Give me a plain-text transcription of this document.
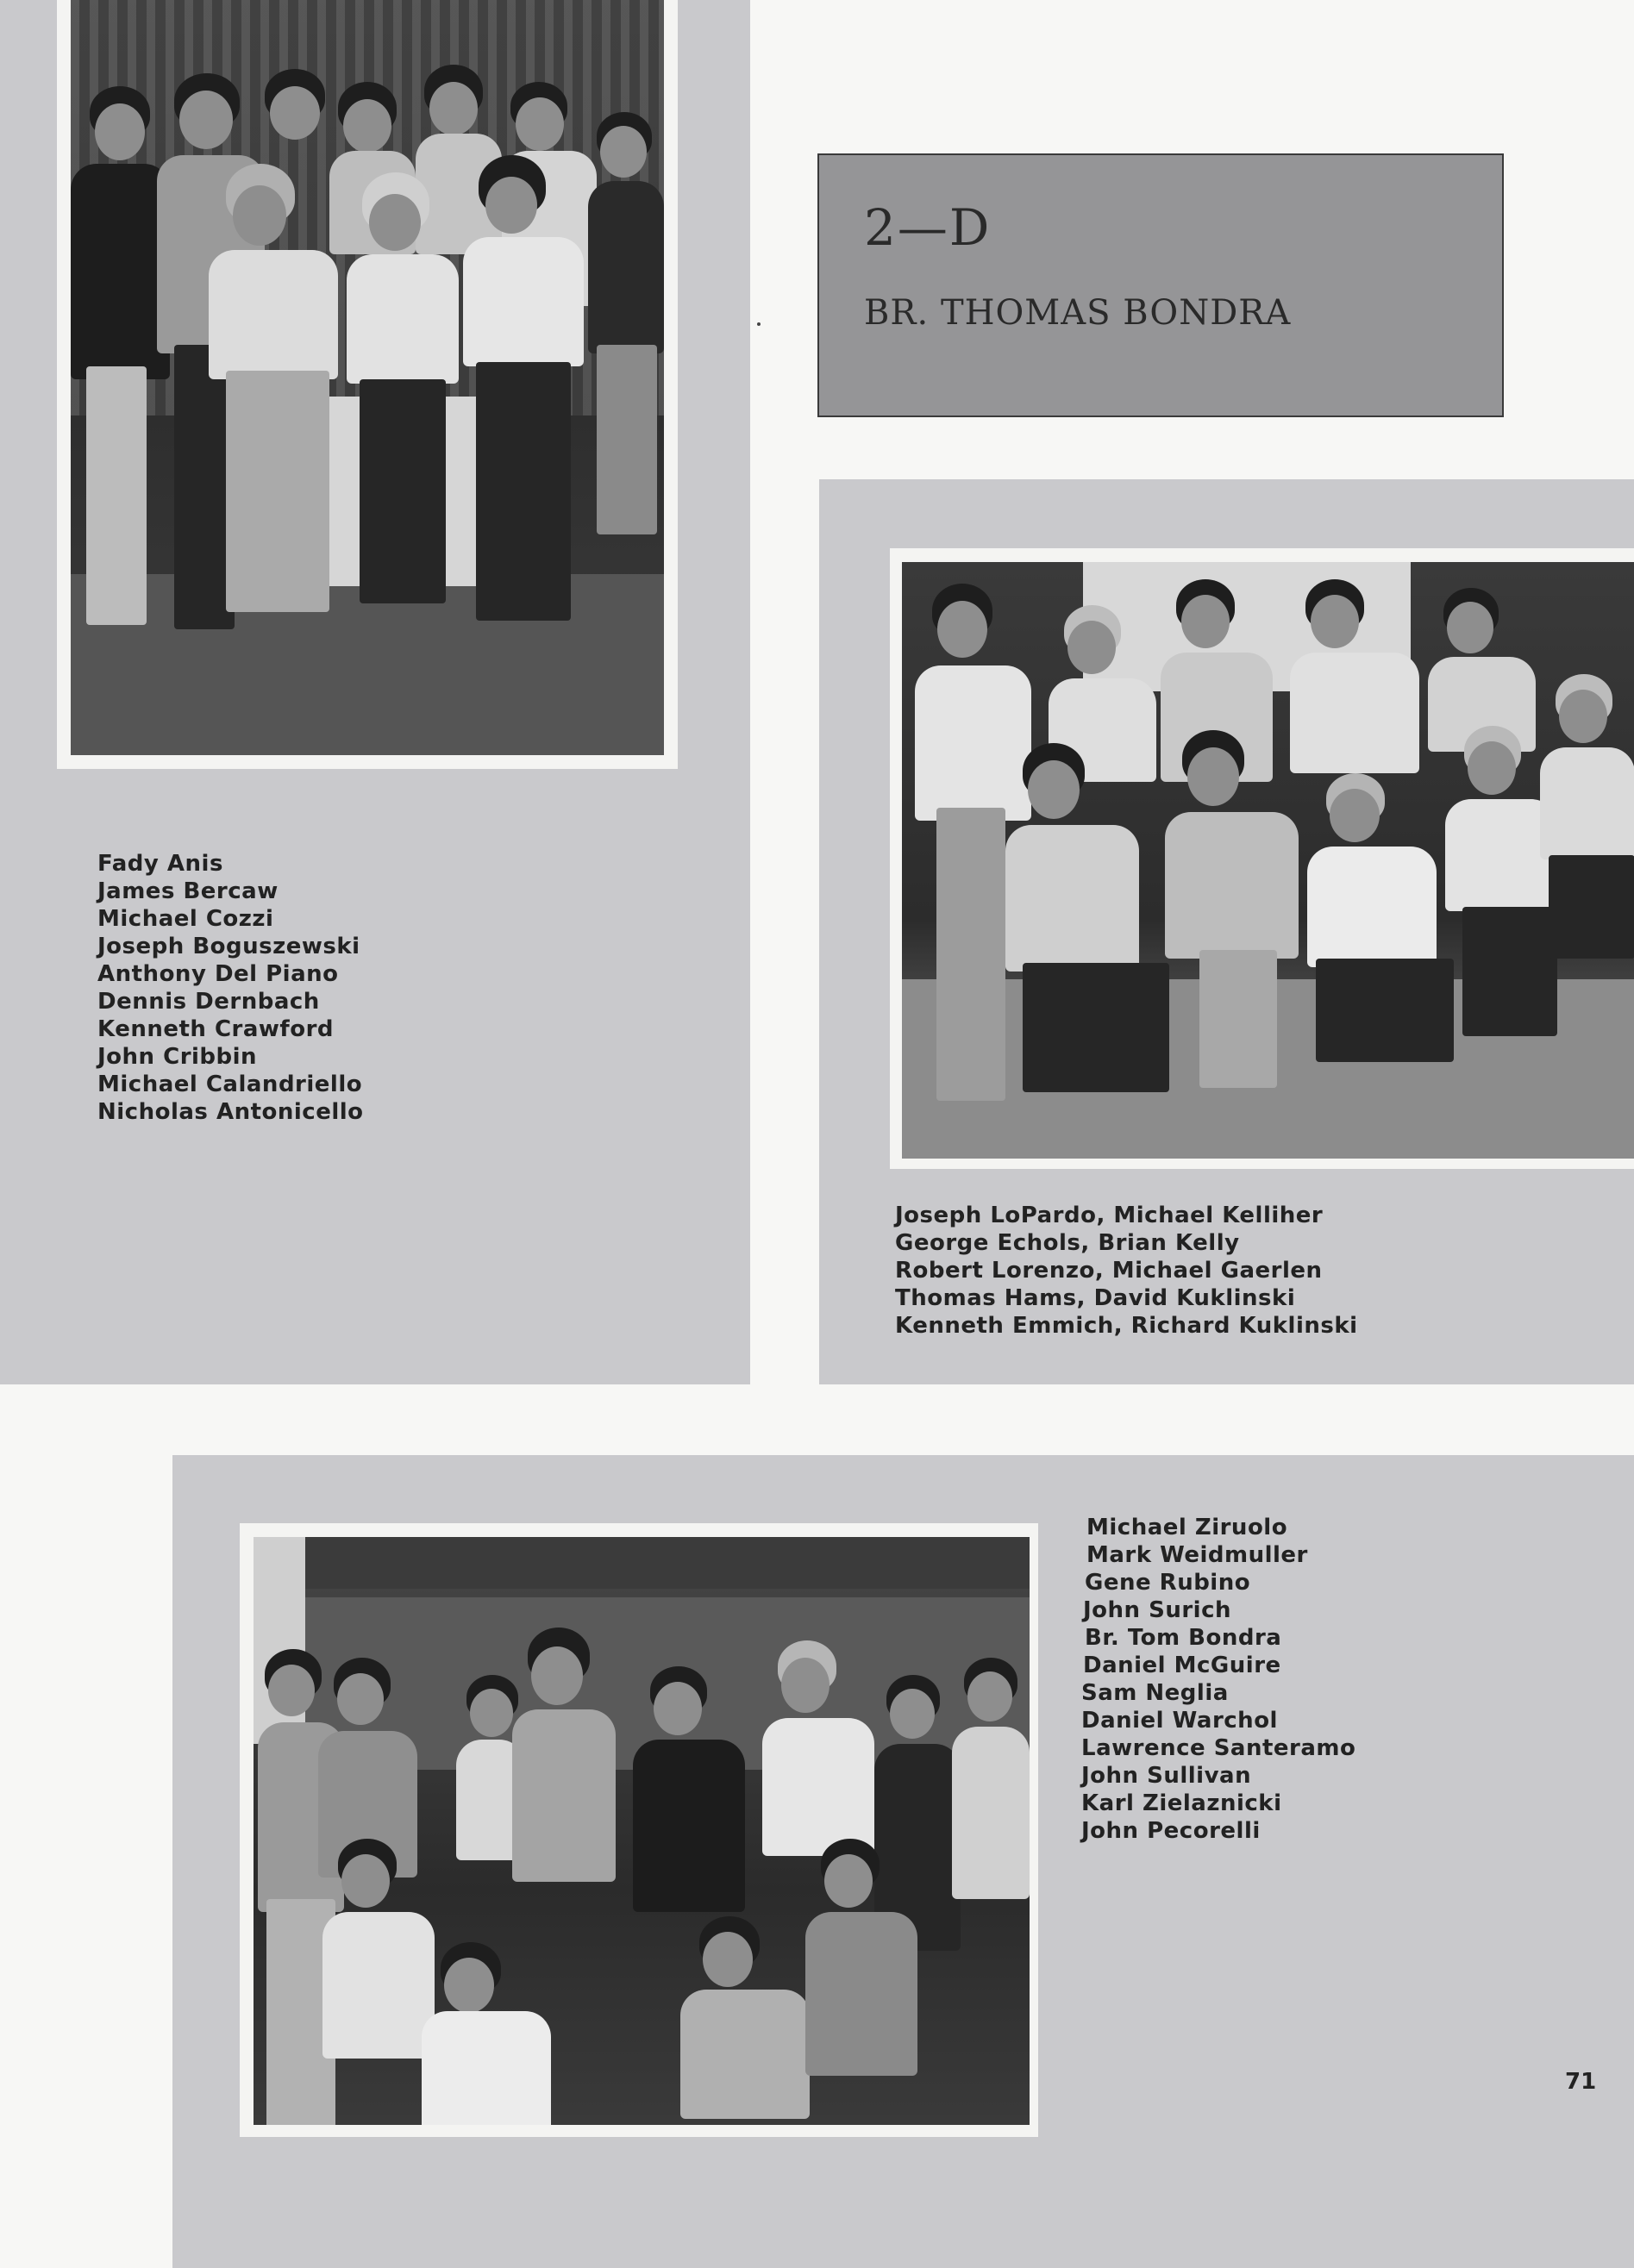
2—D
BR. THOMAS BONDRA
Fady Anis
James Bercaw
Michael Cozzi
Joseph Boguszewski
Anthony Del Piano
Dennis Dernbach
Kenneth Crawford
John Cribbin
Michael Calandriello
Nicholas Antonicello
Joseph LoPardo, Michael Kelliher
George Echols, Brian Kelly
Robert Lorenzo, Michael Gaerlen
Thomas Hams, David Kuklinski
Kenneth Emmich, Richard Kuklinski
Michael Ziruolo
Mark Weidmuller
Gene Rubino
John Surich
Br. Tom Bondra
Daniel McGuire
Sam Neglia
Daniel Warchol
Lawrence Santeramo
John Sullivan
Karl Zielaznicki
John Pecorelli
71
